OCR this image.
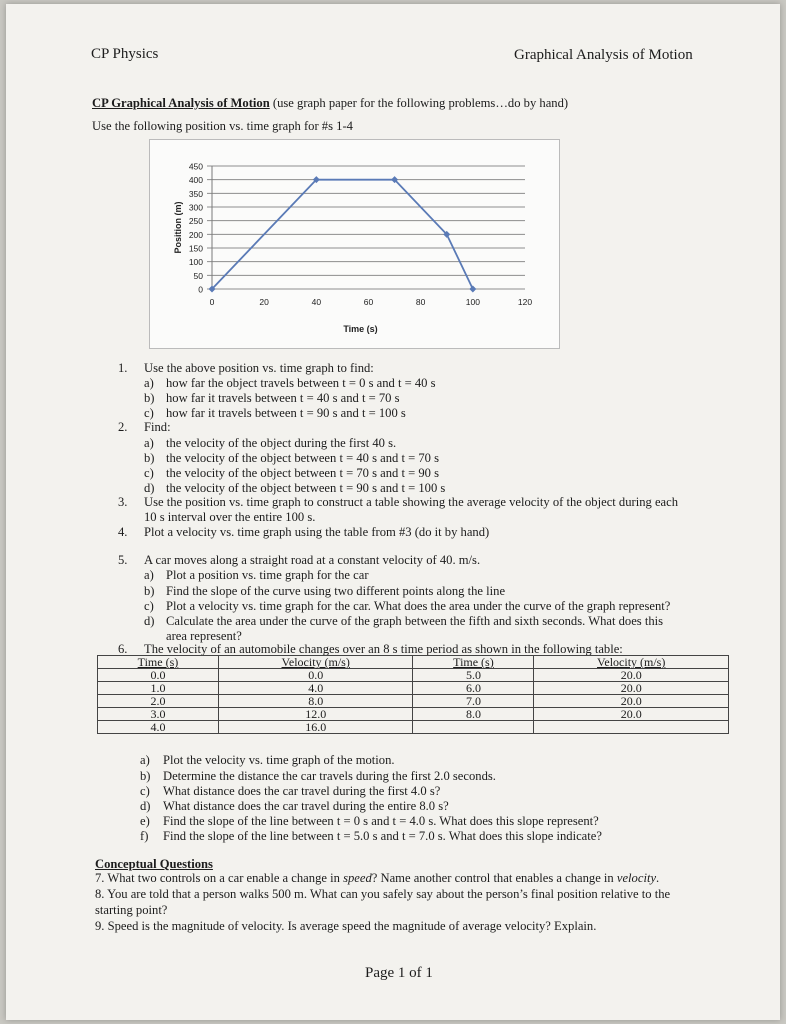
CP Physics	Graphical Analysis of Motion
CP Graphical Analysis of Motion (use graph paper for the following problems…do by hand)
Use the following position vs. time graph for #s 1-4
0
50
100
150
200
250
300
350
400
450
0	20	40	60	80	100	120
Time (s)
Position (m)
1. Use the above position vs. time graph to find:
a) how far the object travels between t = 0 s and t = 40 s
b) how far it travels between t = 40 s and t = 70 s
c) how far it travels between t = 90 s and t = 100 s
2. Find:
a) the velocity of the object during the first 40 s.
b) the velocity of the object between t = 40 s and t = 70 s
c) the velocity of the object between t = 70 s and t = 90 s
d) the velocity of the object between t = 90 s and t = 100 s
3. Use the position vs. time graph to construct a table showing the average velocity of the object during each
10 s interval over the entire 100 s.
4. Plot a velocity vs. time graph using the table from #3 (do it by hand)
5. A car moves along a straight road at a constant velocity of 40. m/s.
a) Plot a position vs. time graph for the car
b) Find the slope of the curve using two different points along the line
c) Plot a velocity vs. time graph for the car. What does the area under the curve of the graph represent?
d) Calculate the area under the curve of the graph between the fifth and sixth seconds. What does this
area represent?
6. The velocity of an automobile changes over an 8 s time period as shown in the following table:
Time (s)	Velocity (m/s)	Time (s)	Velocity (m/s)
0.0	0.0	5.0	20.0
1.0	4.0	6.0	20.0
2.0	8.0	7.0	20.0
3.0	12.0	8.0	20.0
4.0	16.0		
a) Plot the velocity vs. time graph of the motion.
b) Determine the distance the car travels during the first 2.0 seconds.
c) What distance does the car travel during the first 4.0 s?
d) What distance does the car travel during the entire 8.0 s?
e) Find the slope of the line between t = 0 s and t = 4.0 s. What does this slope represent?
f) Find the slope of the line between t = 5.0 s and t = 7.0 s. What does this slope indicate?
Conceptual Questions
7. What two controls on a car enable a change in speed? Name another control that enables a change in velocity.
8. You are told that a person walks 500 m. What can you safely say about the person’s final position relative to the
starting point?
9. Speed is the magnitude of velocity. Is average speed the magnitude of average velocity? Explain.
Page 1 of 1
